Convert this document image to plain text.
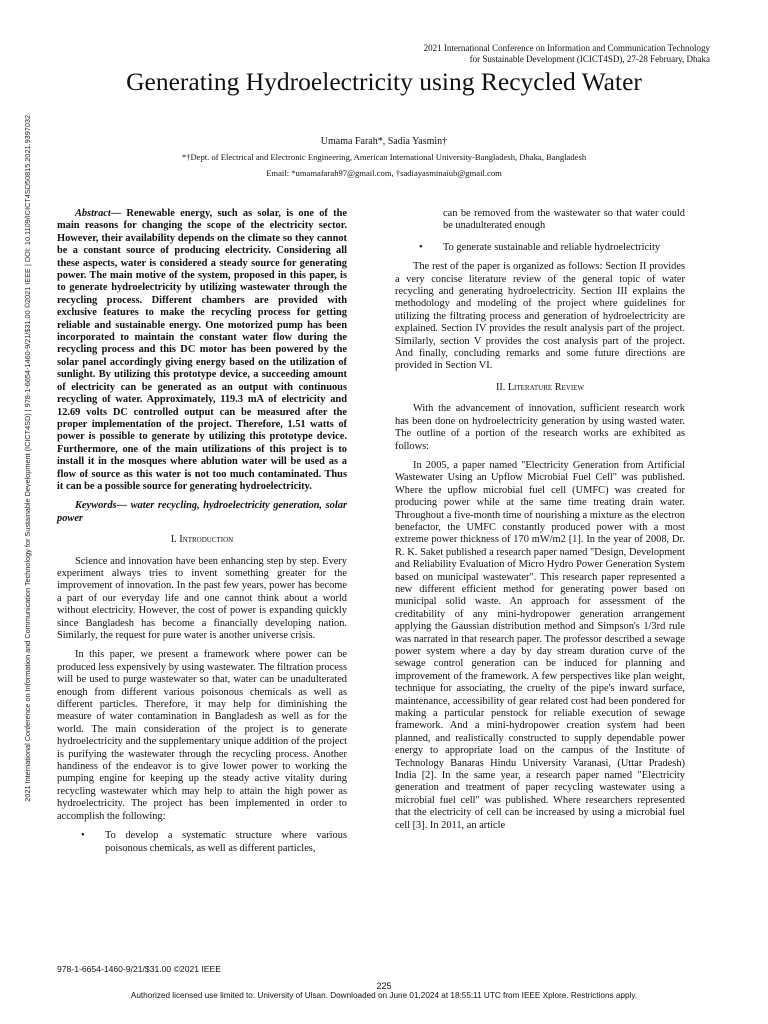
2021 International Conference on Information and Communication Technology
for Sustainable Development (ICICT4SD), 27-28 February, Dhaka
Generating Hydroelectricity using Recycled Water
Umama Farah*, Sadia Yasmin†
*†Dept. of Electrical and Electronic Engineering, American International University-Bangladesh, Dhaka, Bangladesh
Email: *umamafarah97@gmail.com, †sadiayasminaiub@gmail.com
2021 International Conference on Information and Communication Technology for Sustainable Development (ICICT4SD) | 978-1-6654-1460-9/21/$31.00 ©2021 IEEE | DOI: 10.1109/ICICT4SD50815.2021.9397032	Abstract— Renewable energy, such as solar, is one of the main reasons for changing the scope of the electricity sector. However, their availability depends on the climate so they cannot be a constant source of producing electricity. Considering all these aspects, water is considered a steady source for generating power. The main motive of the system, proposed in this paper, is to generate hydroelectricity by utilizing wastewater through the recycling process. Different chambers are provided with exclusive features to make the recycling process for getting reliable and sustainable energy. One motorized pump has been incorporated to maintain the constant water flow during the recycling process and this DC motor has been powered by the solar panel accordingly giving energy based on the utilization of sunlight. By utilizing this prototype device, a succeeding amount of electricity can be generated as an output with continuous recycling of water. Approximately, 119.3 mA of electricity and 12.69 volts DC controlled output can be measured after the proper implementation of the project. Therefore, 1.51 watts of power is possible to generate by utilizing this prototype device. Furthermore, one of the main utilizations of this project is to install it in the mosques where ablution water will be used as a flow of source as this water is not too much contaminated. Thus it can be a possible source for generating hydroelectricity.

Keywords— water recycling, hydroelectricity generation, solar power

I. Introduction

Science and innovation have been enhancing step by step. Every experiment always tries to invent something greater for the improvement of innovation. In the past few years, power has become a part of our everyday life and one cannot think about a world without electricity. However, the cost of power is expanding quickly since Bangladesh has become a financially developing nation. Similarly, the request for pure water is another universe crisis.

In this paper, we present a framework where power can be produced less expensively by using wastewater. The filtration process will be used to purge wastewater so that, water can be unadulterated enough from different various poisonous chemicals as well as different particles. Therefore, it may help for diminishing the measure of water contamination in Bangladesh as well as for the world. The main consideration of the project is to generate hydroelectricity and the supplementary unique addition of the project is purifying the wastewater through the recycling process. Another handiness of the endeavor is to give lower power to working the pumping engine for keeping up the steady active vitality during recycling wastewater which may help to attain the high power as hydroelectricity. The project has been implemented in order to accomplish the following:

• To develop a systematic structure where various poisonous chemicals, as well as different particles,
can be removed from the wastewater so that water could be unadulterated enough
• To generate sustainable and reliable hydroelectricity

The rest of the paper is organized as follows: Section II provides a very concise literature review of the general topic of water recycling and generating hydroelectricity. Section III explains the methodology and modeling of the project where guidelines for utilizing the filtrating process and generation of hydroelectricity are explained. Section IV provides the result analysis part of the project. Similarly, section V provides the cost analysis part of the project. And finally, concluding remarks and some future directions are provided in Section VI.

II. Literature Review

With the advancement of innovation, sufficient research work has been done on hydroelectricity generation by using wasted water. The outline of a portion of the research works are exhibited as follows:

In 2005, a paper named "Electricity Generation from Artificial Wastewater Using an Upflow Microbial Fuel Cell" was published. Where the upflow microbial fuel cell (UMFC) was created for producing power while at the same time treating drain water. Throughout a five-month time of nourishing a mixture as the electron benefactor, the UMFC constantly produced power with a most extreme power thickness of 170 mW/m2 [1]. In the year of 2008, Dr. R. K. Saket published a research paper named "Design, Development and Reliability Evaluation of Micro Hydro Power Generation System based on municipal wastewater". This research paper represented a new different efficient method for generating power based on municipal solid waste. An approach for assessment of the creditability of any mini-hydropower generation arrangement applying the Gaussian distribution method and Simpson's 1/3rd rule was narrated in that research paper. The professor described a sewage power system where a day by day stream duration curve of the sewage control generation can be induced for planning and improvement of the framework. A few perspectives like plan weight, technique for associating, the cruelty of the pipe's inward surface, maintenance, accessibility of gear related cost had been pondered for making a particular penstock for reliable execution of sewage framework. And a mini-hydropower creation system had been planned, and realistically constructed to supply dependable power energy to appropriate load on the campus of the Institute of Technology Banaras Hindu University Varanasi, (Uttar Pradesh) India [2]. In the same year, a research paper named "Electricity generation and treatment of paper recycling wastewater using a microbial fuel cell" was published. Where researchers represented that the electricity of cell can be increased by using a microbial fuel cell [3]. In 2011, an article

978-1-6654-1460-9/21/$31.00 ©2021 IEEE
225
Authorized licensed use limited to: University of Ulsan. Downloaded on June 01,2024 at 18:55:11 UTC from IEEE Xplore. Restrictions apply.
